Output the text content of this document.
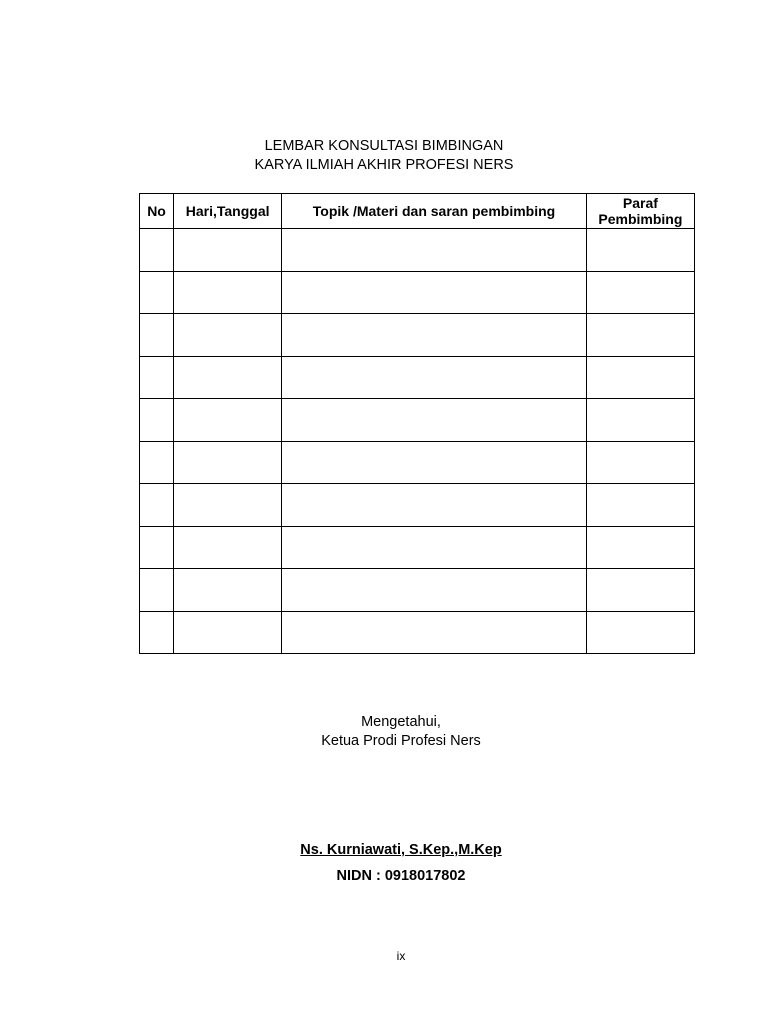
LEMBAR KONSULTASI BIMBINGAN
KARYA ILMIAH AKHIR PROFESI NERS
No	Hari,Tanggal	Topik /Materi dan saran pembimbing	Paraf
Pembimbing

Mengetahui,
Ketua Prodi Profesi Ners
Ns. Kurniawati, S.Kep.,M.Kep
NIDN : 0918017802
ix
